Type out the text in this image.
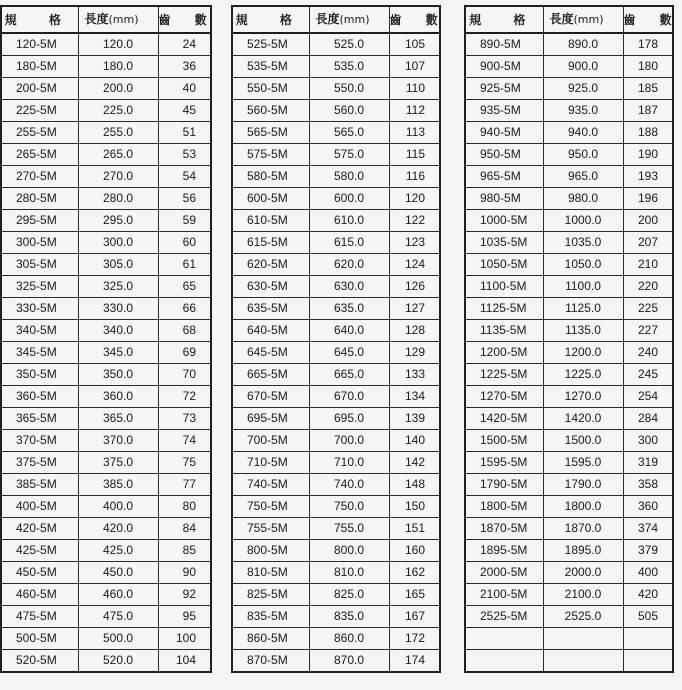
規 格	長度(mm)	齒 數
120-5M	120.0	24
180-5M	180.0	36
200-5M	200.0	40
225-5M	225.0	45
255-5M	255.0	51
265-5M	265.0	53
270-5M	270.0	54
280-5M	280.0	56
295-5M	295.0	59
300-5M	300.0	60
305-5M	305.0	61
325-5M	325.0	65
330-5M	330.0	66
340-5M	340.0	68
345-5M	345.0	69
350-5M	350.0	70
360-5M	360.0	72
365-5M	365.0	73
370-5M	370.0	74
375-5M	375.0	75
385-5M	385.0	77
400-5M	400.0	80
420-5M	420.0	84
425-5M	425.0	85
450-5M	450.0	90
460-5M	460.0	92
475-5M	475.0	95
500-5M	500.0	100
520-5M	520.0	104
規 格	長度(mm)	齒 數
525-5M	525.0	105
535-5M	535.0	107
550-5M	550.0	110
560-5M	560.0	112
565-5M	565.0	113
575-5M	575.0	115
580-5M	580.0	116
600-5M	600.0	120
610-5M	610.0	122
615-5M	615.0	123
620-5M	620.0	124
630-5M	630.0	126
635-5M	635.0	127
640-5M	640.0	128
645-5M	645.0	129
665-5M	665.0	133
670-5M	670.0	134
695-5M	695.0	139
700-5M	700.0	140
710-5M	710.0	142
740-5M	740.0	148
750-5M	750.0	150
755-5M	755.0	151
800-5M	800.0	160
810-5M	810.0	162
825-5M	825.0	165
835-5M	835.0	167
860-5M	860.0	172
870-5M	870.0	174
規 格	長度(mm)	齒 數
890-5M	890.0	178
900-5M	900.0	180
925-5M	925.0	185
935-5M	935.0	187
940-5M	940.0	188
950-5M	950.0	190
965-5M	965.0	193
980-5M	980.0	196
1000-5M	1000.0	200
1035-5M	1035.0	207
1050-5M	1050.0	210
1100-5M	1100.0	220
1125-5M	1125.0	225
1135-5M	1135.0	227
1200-5M	1200.0	240
1225-5M	1225.0	245
1270-5M	1270.0	254
1420-5M	1420.0	284
1500-5M	1500.0	300
1595-5M	1595.0	319
1790-5M	1790.0	358
1800-5M	1800.0	360
1870-5M	1870.0	374
1895-5M	1895.0	379
2000-5M	2000.0	400
2100-5M	2100.0	420
2525-5M	2525.0	505
